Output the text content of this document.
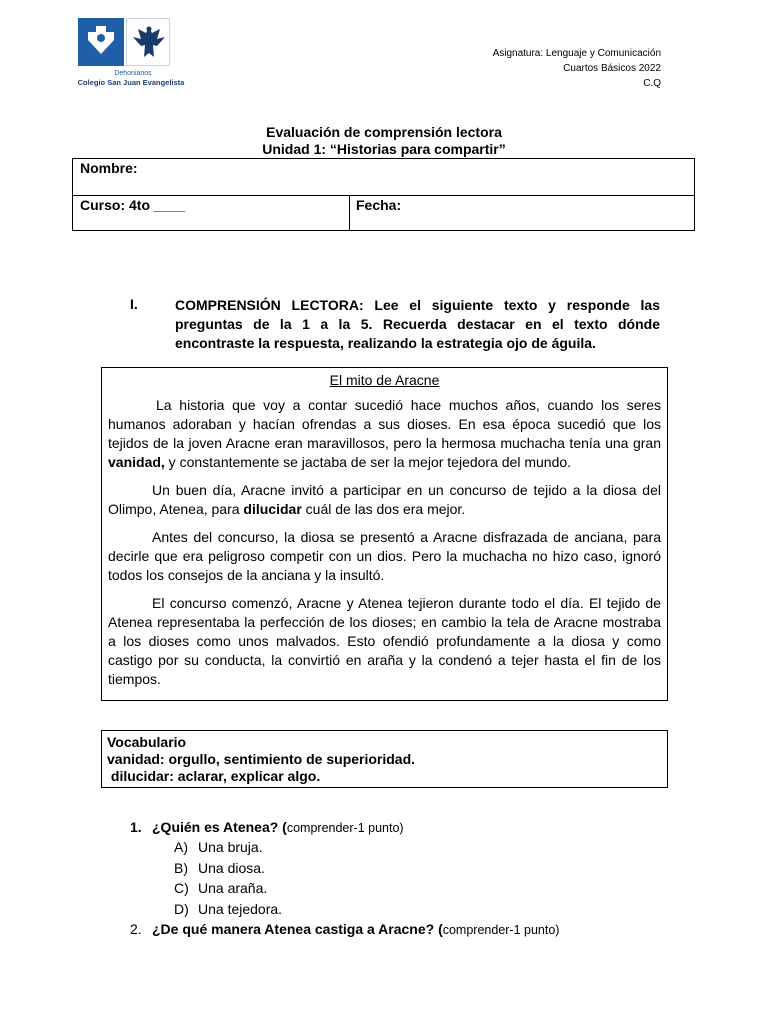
Dehonianos
Colegio San Juan Evangelista
Asignatura: Lenguaje y Comunicación
Cuartos Básicos 2022
C.Q
Evaluación de comprensión lectora
Unidad 1: “Historias para compartir”
Nombre:
Curso: 4to ____	Fecha:
I.	COMPRENSIÓN LECTORA: Lee el siguiente texto y responde las preguntas de la 1 a la 5. Recuerda destacar en el texto dónde encontraste la respuesta, realizando la estrategia ojo de águila.
El mito de Aracne

La historia que voy a contar sucedió hace muchos años, cuando los seres humanos adoraban y hacían ofrendas a sus dioses. En esa época sucedió que los tejidos de la joven Aracne eran maravillosos, pero la hermosa muchacha tenía una gran vanidad, y constantemente se jactaba de ser la mejor tejedora del mundo.

Un buen día, Aracne invitó a participar en un concurso de tejido a la diosa del Olimpo, Atenea, para dilucidar cuál de las dos era mejor.

Antes del concurso, la diosa se presentó a Aracne disfrazada de anciana, para decirle que era peligroso competir con un dios. Pero la muchacha no hizo caso, ignoró todos los consejos de la anciana y la insultó.

El concurso comenzó, Aracne y Atenea tejieron durante todo el día. El tejido de Atenea representaba la perfección de los dioses; en cambio la tela de Aracne mostraba a los dioses como unos malvados. Esto ofendió profundamente a la diosa y como castigo por su conducta, la convirtió en araña y la condenó a tejer hasta el fin de los tiempos.

Vocabulario
vanidad: orgullo, sentimiento de superioridad.
dilucidar: aclarar, explicar algo.
1. ¿Quién es Atenea? (comprender-1 punto)
A) Una bruja.
B) Una diosa.
C) Una araña.
D) Una tejedora.
2. ¿De qué manera Atenea castiga a Aracne? (comprender-1 punto)
